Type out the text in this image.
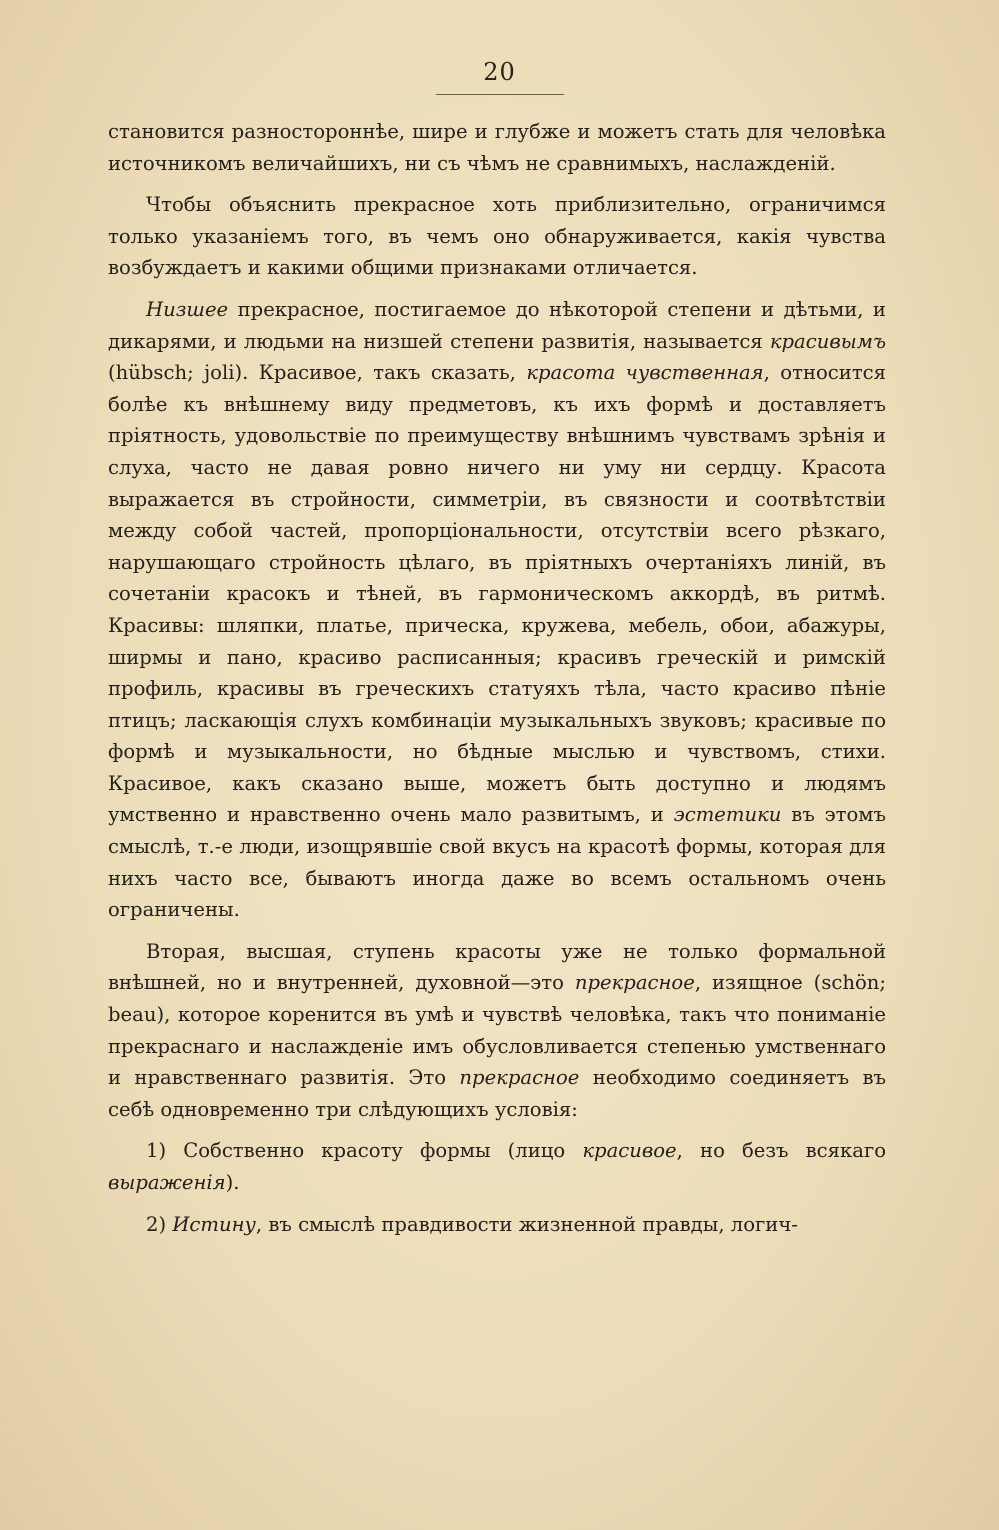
20

становится разностороннѣе, шире и глубже и можетъ стать для человѣка источникомъ величайшихъ, ни съ чѣмъ не сравнимыхъ, наслажденій.

Чтобы объяснить прекрасное хоть приблизительно, ограничимся только указаніемъ того, въ чемъ оно обнаруживается, какія чувства возбуждаетъ и какими общими признаками отличается.

Низшее прекрасное, постигаемое до нѣкоторой степени и дѣтьми, и дикарями, и людьми на низшей степени развитія, называется красивымъ (hübsch; joli). Красивое, такъ сказать, красота чувственная, относится болѣе къ внѣшнему виду предметовъ, къ ихъ формѣ и доставляетъ пріятность, удовольствіе по преимуществу внѣшнимъ чувствамъ зрѣнія и слуха, часто не давая ровно ничего ни уму ни сердцу. Красота выражается въ стройности, симметріи, въ связности и соотвѣтствіи между собой частей, пропорціональности, отсутствіи всего рѣзкаго, нарушающаго стройность цѣлаго, въ пріятныхъ очертаніяхъ линій, въ сочетаніи красокъ и тѣней, въ гармоническомъ аккордѣ, въ ритмѣ. Красивы: шляпки, платье, прическа, кружева, мебель, обои, абажуры, ширмы и пано, красиво расписанныя; красивъ греческій и римскій профиль, красивы въ греческихъ статуяхъ тѣла, часто красиво пѣніе птицъ; ласкающія слухъ комбинаціи музыкальныхъ звуковъ; красивые по формѣ и музыкальности, но бѣдные мыслью и чувствомъ, стихи. Красивое, какъ сказано выше, можетъ быть доступно и людямъ умственно и нравственно очень мало развитымъ, и эстетики въ этомъ смыслѣ, т.-е люди, изощрявшіе свой вкусъ на красотѣ формы, которая для нихъ часто все, бываютъ иногда даже во всемъ остальномъ очень ограничены.

Вторая, высшая, ступень красоты уже не только формальной внѣшней, но и внутренней, духовной—это прекрасное, изящное (schön; beau), которое коренится въ умѣ и чувствѣ человѣка, такъ что пониманіе прекраснаго и наслажденіе имъ обусловливается степенью умственнаго и нравственнаго развитія. Это прекрасное необходимо соединяетъ въ себѣ одновременно три слѣдующихъ условія:

1) Собственно красоту формы (лицо красивое, но безъ всякаго выраженія).

2) Истину, въ смыслѣ правдивости жизненной правды, логич-
